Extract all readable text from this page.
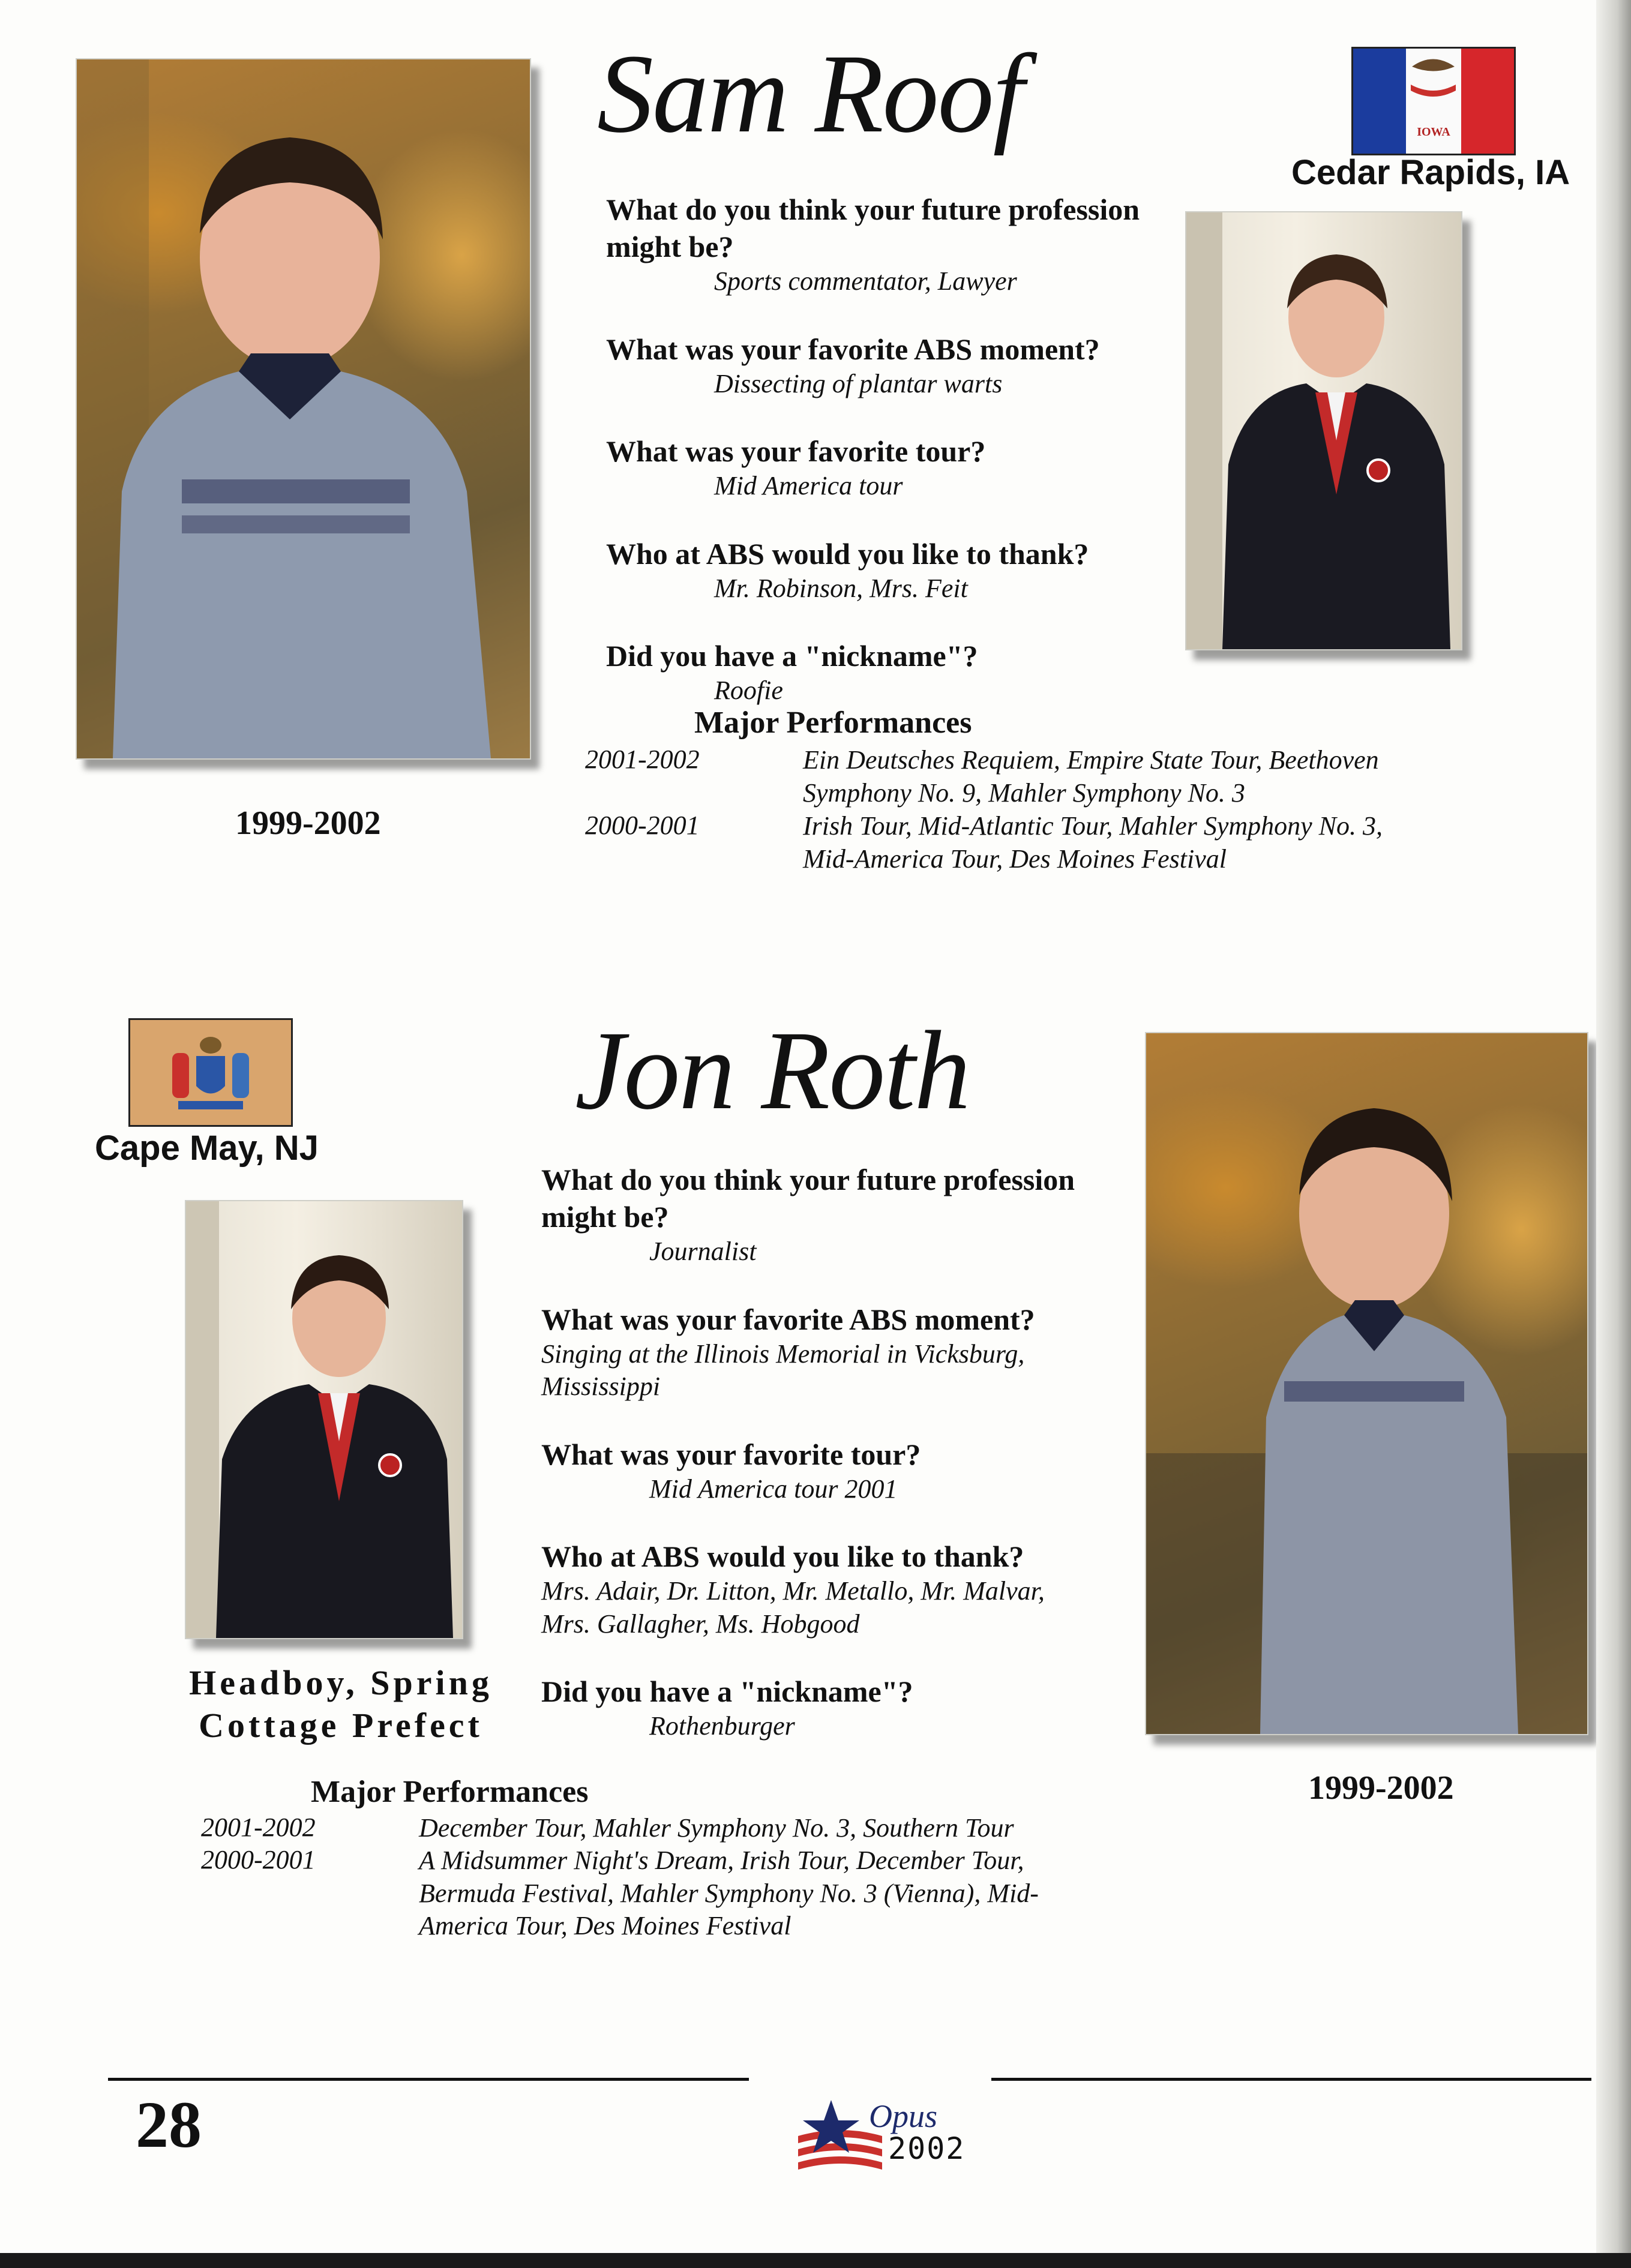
Sam Roof	IOWA
Cedar Rapids, IA

What do you think your future profession might be?

Sports commentator, Lawyer

What was your favorite ABS moment?

Dissecting of plantar warts

What was your favorite tour?

Mid America tour

Who at ABS would you like to thank?

Mr. Robinson, Mrs. Feit

Did you have a "nickname"?

Roofie

1999-2002
Major Performances
2001-2002	Ein Deutsches Requiem, Empire State Tour, Beethoven Symphony No. 9, Mahler Symphony No. 3
2000-2001	Irish Tour, Mid-Atlantic Tour, Mahler Symphony No. 3, Mid-America Tour, Des Moines Festival
Cape May, NJ
Jon Roth
Headboy, Spring Cottage Prefect

What do you think your future profession might be?

Journalist

What was your favorite ABS moment?

Singing at the Illinois Memorial in Vicksburg, Mississippi

What was your favorite tour?

Mid America tour 2001

Who at ABS would you like to thank?

Mrs. Adair, Dr. Litton, Mr. Metallo, Mr. Malvar, Mrs. Gallagher, Ms. Hobgood

Did you have a "nickname"?

Rothenburger

1999-2002
Major Performances
2001-2002	December Tour, Mahler Symphony No. 3, Southern Tour
2000-2001	A Midsummer Night's Dream, Irish Tour, December Tour, Bermuda Festival, Mahler Symphony No. 3 (Vienna), Mid-America Tour, Des Moines Festival
28	Opus
2002
